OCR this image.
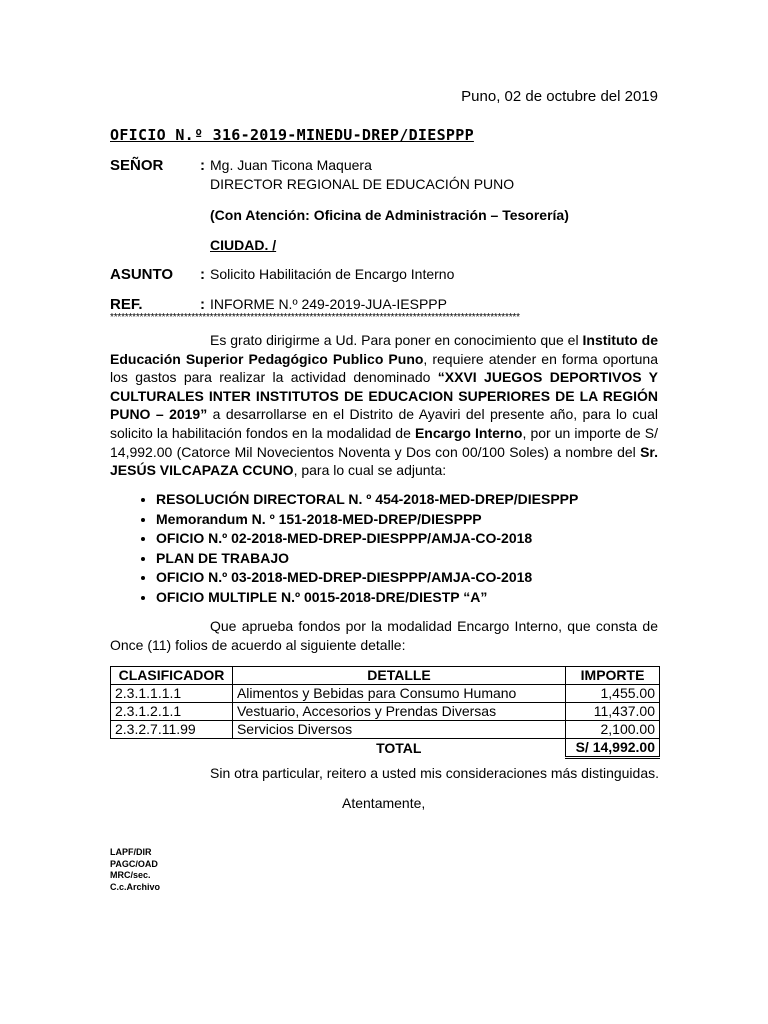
Puno, 02 de octubre del 2019
OFICIO N.º 316-2019-MINEDU-DREP/DIESPPP
SEÑOR : Mg. Juan Ticona Maquera
DIRECTOR REGIONAL DE EDUCACIÓN PUNO
(Con Atención: Oficina de Administración – Tesorería)
CIUDAD. /
ASUNTO : Solicito Habilitación de Encargo Interno
REF.	: INFORME N.º 249-2019-JUA-IESPPP
***************************************************************************************************************
Es grato dirigirme a Ud. Para poner en conocimiento que el Instituto de Educación Superior Pedagógico Publico Puno, requiere atender en forma oportuna los gastos para realizar la actividad denominado “XXVI JUEGOS DEPORTIVOS Y CULTURALES INTER INSTITUTOS DE EDUCACION SUPERIORES DE LA REGIÓN PUNO – 2019” a desarrollarse en el Distrito de Ayaviri del presente año, para lo cual solicito la habilitación fondos en la modalidad de Encargo Interno, por un importe de S/ 14,992.00 (Catorce Mil Novecientos Noventa y Dos con 00/100 Soles) a nombre del Sr. JESÚS VILCAPAZA CCUNO, para lo cual se adjunta:
• RESOLUCIÓN DIRECTORAL N. º 454-2018-MED-DREP/DIESPPP
• Memorandum N. º 151-2018-MED-DREP/DIESPPP
• OFICIO N.º 02-2018-MED-DREP-DIESPPP/AMJA-CO-2018
• PLAN DE TRABAJO
• OFICIO N.º 03-2018-MED-DREP-DIESPPP/AMJA-CO-2018
• OFICIO MULTIPLE N.º 0015-2018-DRE/DIESTP “A”
Que aprueba fondos por la modalidad Encargo Interno, que consta de Once (11) folios de acuerdo al siguiente detalle:
CLASIFICADOR	DETALLE	IMPORTE
2.3.1.1.1.1	Alimentos y Bebidas para Consumo Humano	1,455.00
2.3.1.2.1.1	Vestuario, Accesorios y Prendas Diversas	11,437.00
2.3.2.7.11.99	Servicios Diversos	2,100.00
	TOTAL	S/ 14,992.00
Sin otra particular, reitero a usted mis consideraciones más distinguidas.
Atentamente,
LAPF/DIR
PAGC/OAD
MRC/sec.
C.c.Archivo
